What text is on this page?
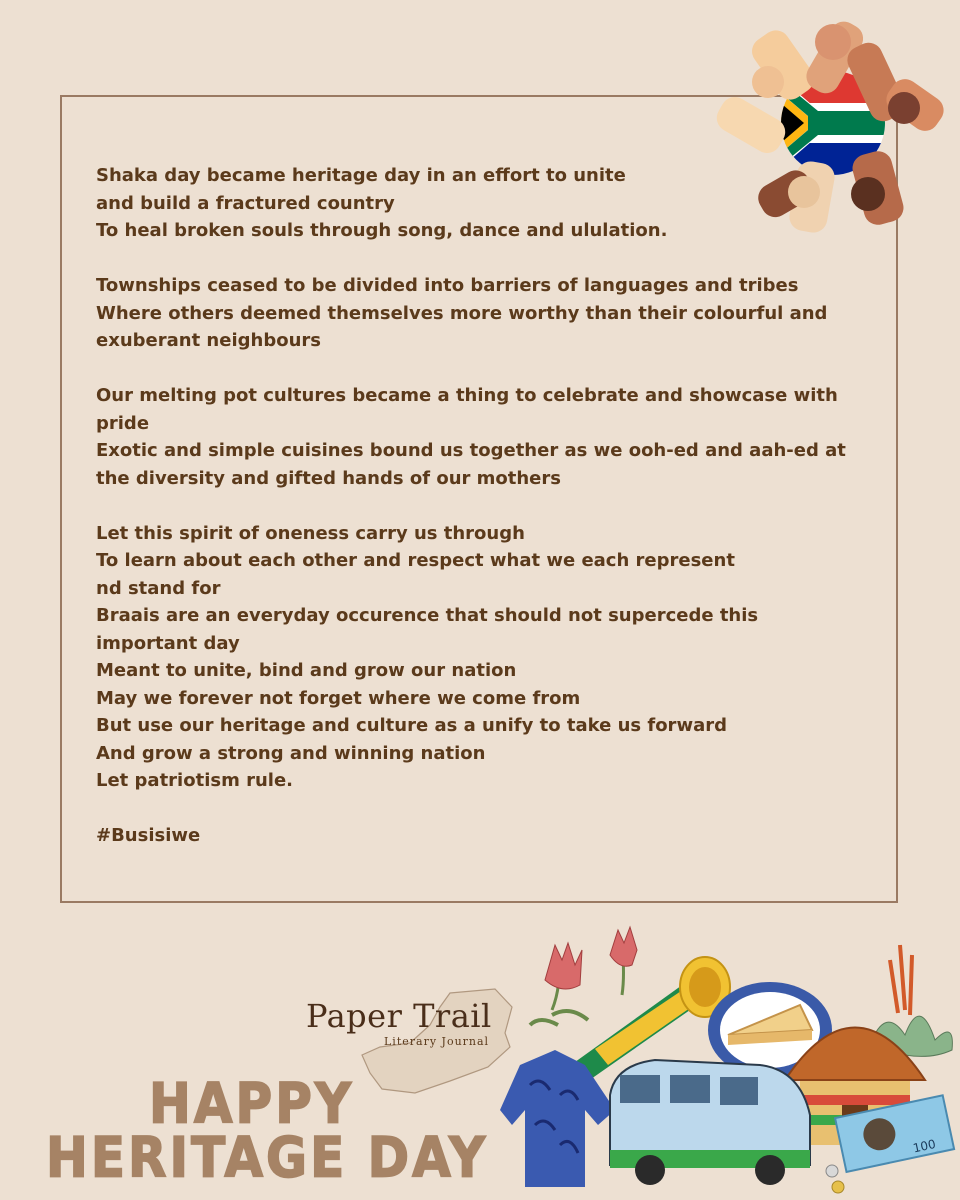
Shaka day became heritage day in an effort to unite
and build a fractured country
To heal broken souls through song, dance and ululation.
Townships ceased to be divided into barriers of languages and tribes
Where others deemed themselves more worthy than their colourful and
exuberant neighbours
Our melting pot cultures became a thing to celebrate and showcase with
pride
Exotic and simple cuisines bound us together as we ooh-ed and aah-ed at
the diversity and gifted hands of our mothers
Let this spirit of oneness carry us through
To learn about each other and respect what we each represent
nd stand for
Braais are an everyday occurence that should not supercede this
important day
Meant to unite, bind and grow our nation
May we forever not forget where we come from
But use our heritage and culture as a unify to take us forward
And grow a strong and winning nation
Let patriotism rule.
#Busisiwe
Paper Trail
Literary Journal
HAPPY
HERITAGE DAY	100
